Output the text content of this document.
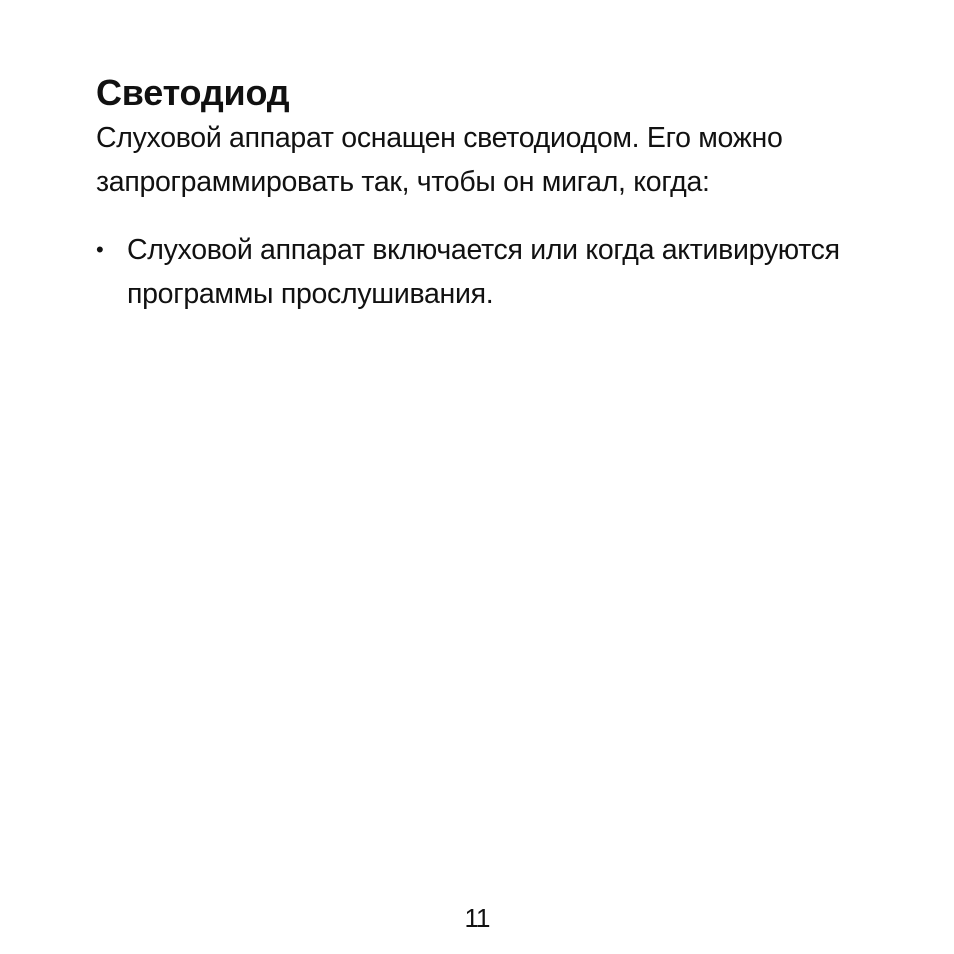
Светодиод

Слуховой аппарат оснащен светодиодом. Его можно запрограммировать так, чтобы он мигал, когда:

• Слуховой аппарат включается или когда активируются программы прослушивания.
11
